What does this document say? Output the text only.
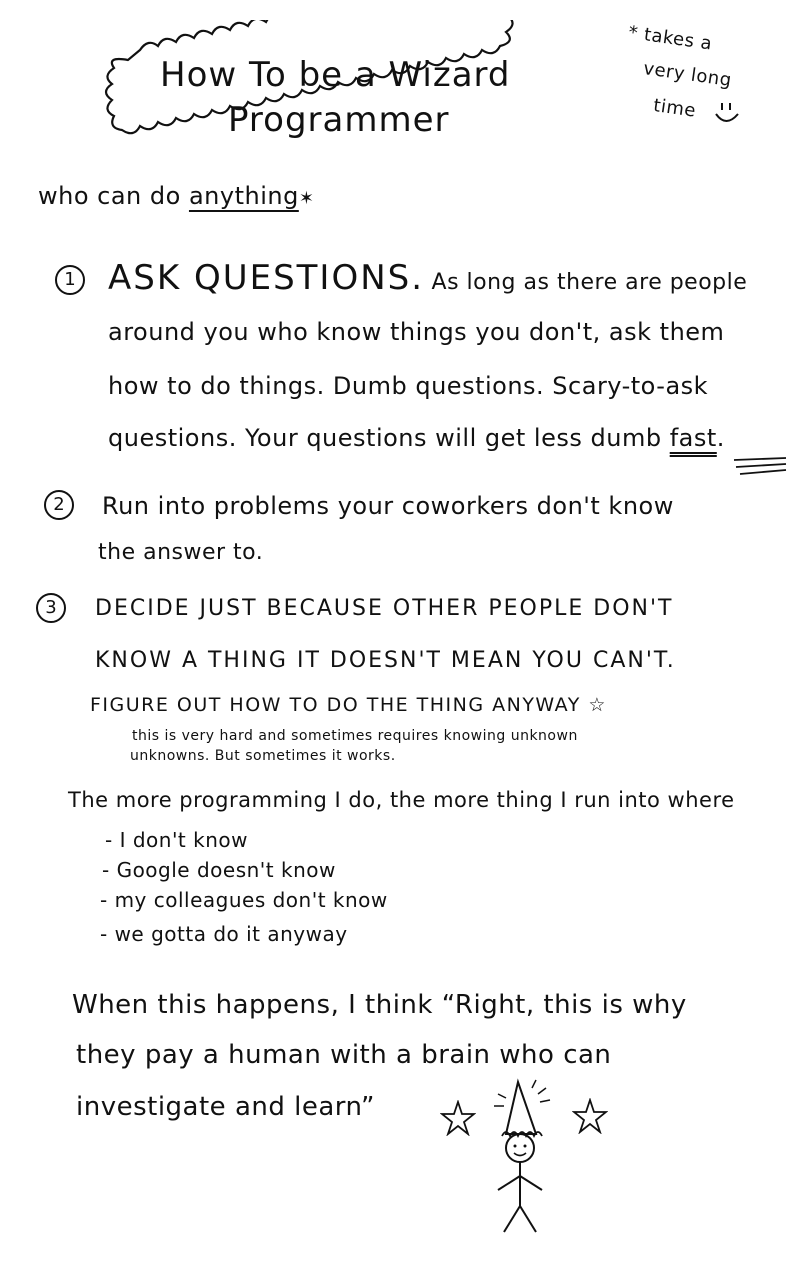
How To be a Wizard
Programmer
* takes a
very long
time
who can do anything✶
1 ASK QUESTIONS. As long as there are people
around you who know things you don't, ask them
how to do things. Dumb questions. Scary-to-ask
questions. Your questions will get less dumb fast.
2	Run into problems your coworkers don't know
the answer to.
3	DECIDE JUST BECAUSE OTHER PEOPLE DON'T
KNOW A THING IT DOESN'T MEAN YOU CAN'T.
FIGURE OUT HOW TO DO THE THING ANYWAY ☆
this is very hard and sometimes requires knowing unknown
unknowns. But sometimes it works.
The more programming I do, the more thing I run into where
- I don't know
- Google doesn't know
- my colleagues don't know
- we gotta do it anyway
When this happens, I think “Right, this is why
they pay a human with a brain who can
investigate and learn”
